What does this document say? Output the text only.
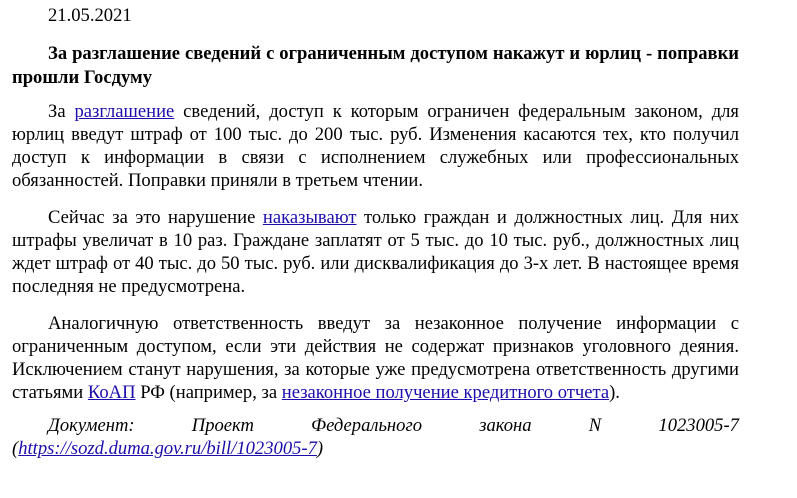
21.05.2021
За разглашение сведений с ограниченным доступом накажут и юрлиц - поправки прошли Госдуму

За разглашение сведений, доступ к которым ограничен федеральным законом, для юрлиц введут штраф от 100 тыс. до 200 тыс. руб. Изменения касаются тех, кто получил доступ к информации в связи с исполнением служебных или профессиональных обязанностей. Поправки приняли в третьем чтении.

Сейчас за это нарушение наказывают только граждан и должностных лиц. Для них штрафы увеличат в 10 раз. Граждане заплатят от 5 тыс. до 10 тыс. руб., должностных лиц ждет штраф от 40 тыс. до 50 тыс. руб. или дисквалификация до 3-х лет. В настоящее время последняя не предусмотрена.

Аналогичную ответственность введут за незаконное получение информации с ограниченным доступом, если эти действия не содержат признаков уголовного деяния. Исключением станут нарушения, за которые уже предусмотрена ответственность другими статьями КоАП РФ (например, за незаконное получение кредитного отчета).

Документ:	Проект	Федерального	закона	N	1023005-7
(https://sozd.duma.gov.ru/bill/1023005-7)
